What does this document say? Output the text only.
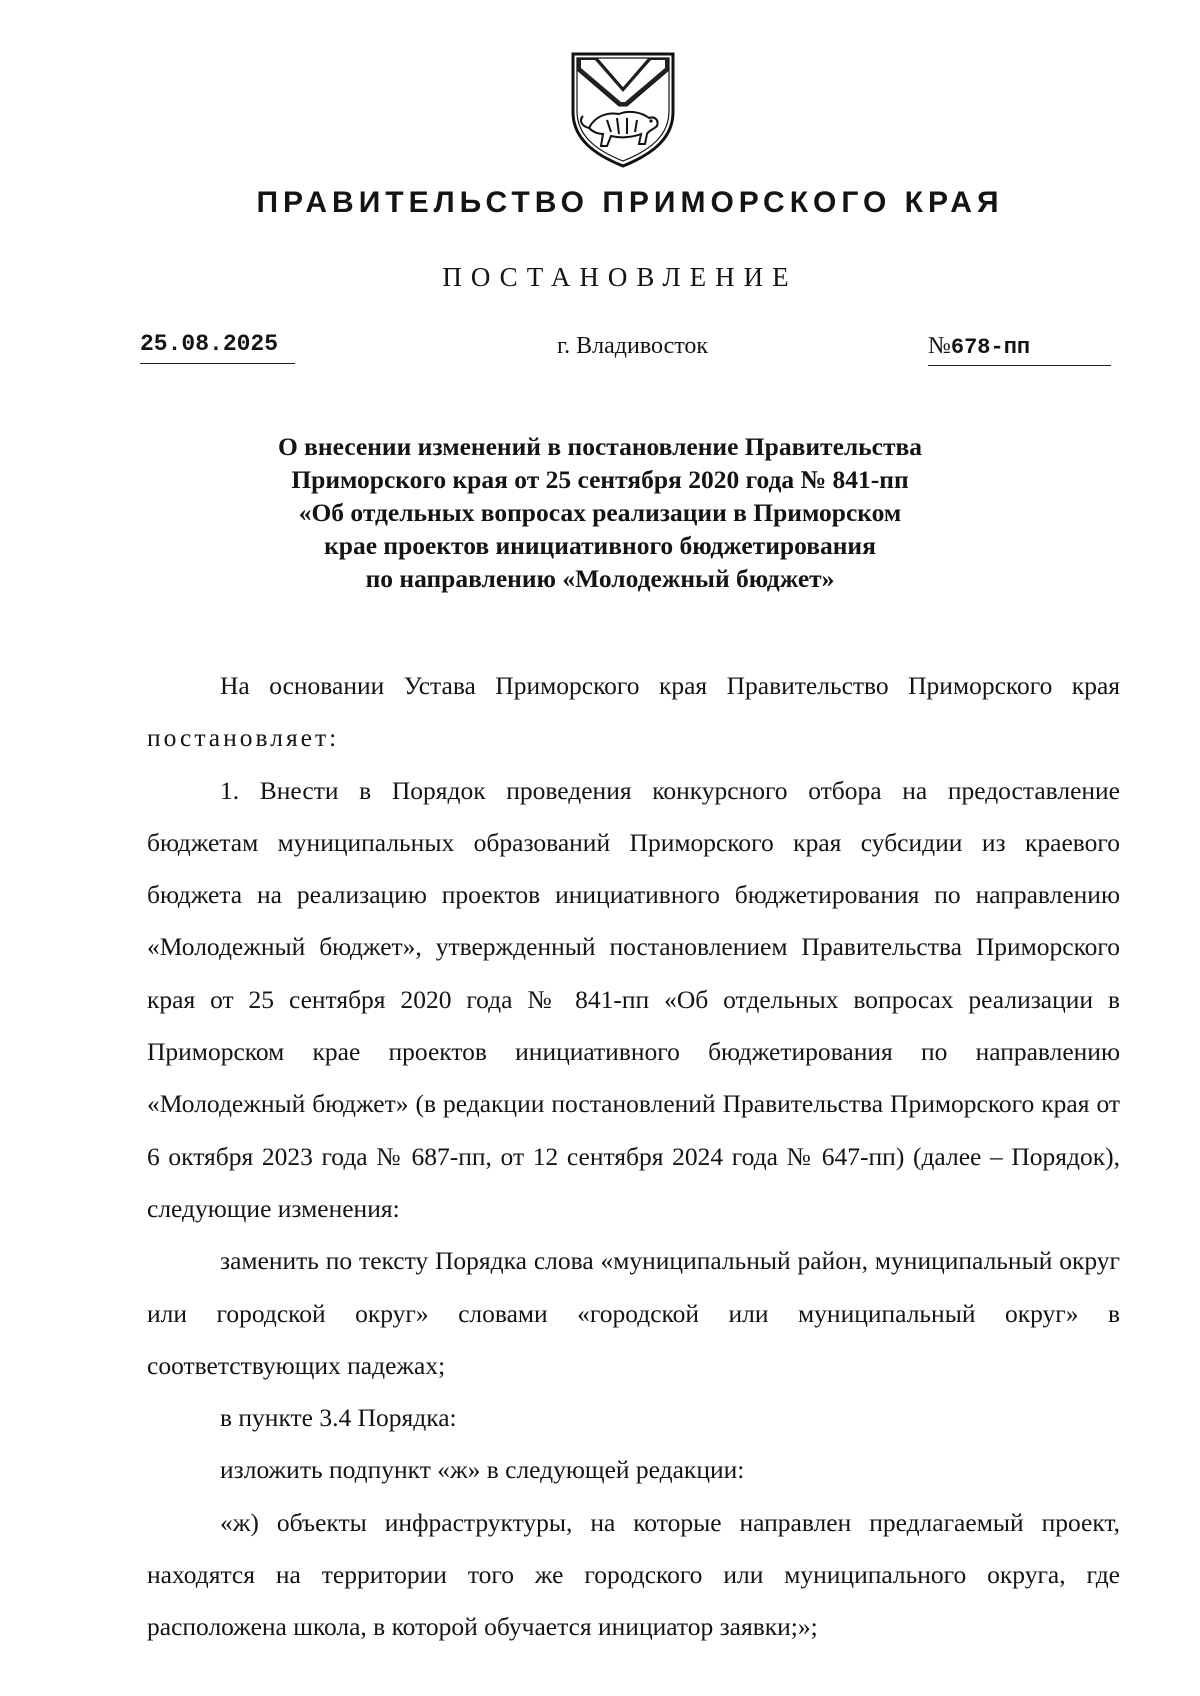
ПРАВИТЕЛЬСТВО ПРИМОРСКОГО КРАЯ
ПОСТАНОВЛЕНИЕ
25.08.2025	г. Владивосток	№678-пп
О внесении изменений в постановление Правительства
Приморского края от 25 сентября 2020 года № 841-пп
«Об отдельных вопросах реализации в Приморском
крае проектов инициативного бюджетирования
по направлению «Молодежный бюджет»

На основании Устава Приморского края Правительство Приморского края постановляет:

1. Внести в Порядок проведения конкурсного отбора на предоставление бюджетам муниципальных образований Приморского края субсидии из краевого бюджета на реализацию проектов инициативного бюджетирования по направлению «Молодежный бюджет», утвержденный постановлением Правительства Приморского края от 25 сентября 2020 года № 841-пп «Об отдельных вопросах реализации в Приморском крае проектов инициативного бюджетирования по направлению «Молодежный бюджет» (в редакции постановлений Правительства Приморского края от 6 октября 2023 года № 687-пп, от 12 сентября 2024 года № 647-пп) (далее – Порядок), следующие изменения:

заменить по тексту Порядка слова «муниципальный район, муниципальный округ или городской округ» словами «городской или муниципальный округ» в соответствующих падежах;

в пункте 3.4 Порядка:

изложить подпункт «ж» в следующей редакции:

«ж) объекты инфраструктуры, на которые направлен предлагаемый проект, находятся на территории того же городского или муниципального округа, где расположена школа, в которой обучается инициатор заявки;»;
